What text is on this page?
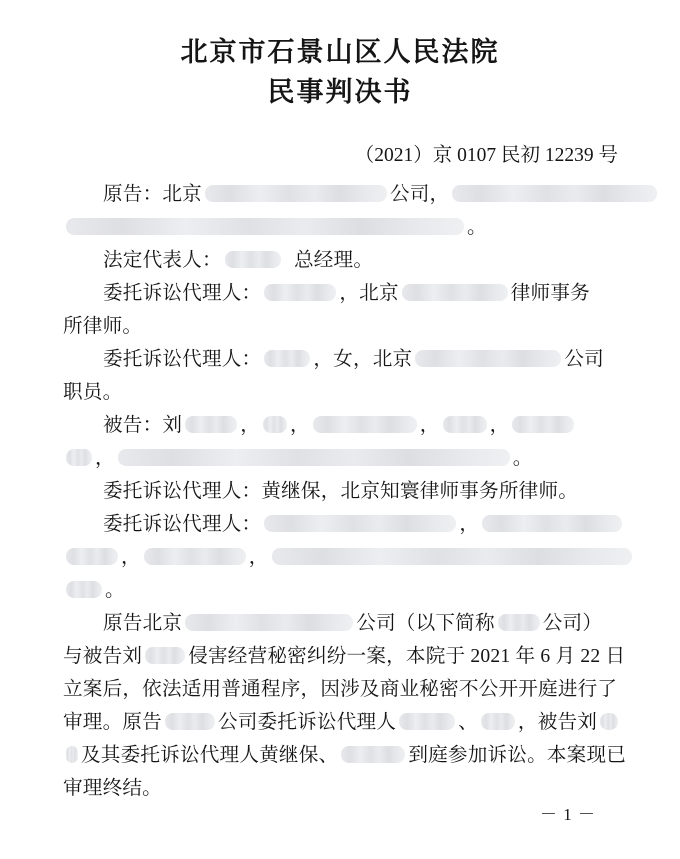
北京市石景山区人民法院
民事判决书
（2021）京 0107 民初 12239 号
原告：北京	公司，
。
法定代表人：	总经理。
委托诉讼代理人：	，北京	律师事务
所律师。
委托诉讼代理人：	，女，北京	公司
职员。
被告：刘	， ，	，	，
，	。
委托诉讼代理人：黄继保，北京知寰律师事务所律师。
委托诉讼代理人：	，
，	，
。
原告北京	公司（以下简称 公司）
与被告刘 侵害经营秘密纠纷一案，本院于 2021 年 6 月 22 日
立案后，依法适用普通程序，因涉及商业秘密不公开开庭进行了
审理。原告	公司委托诉讼代理人	、 ，被告刘
及其委托诉讼代理人黄继保、	到庭参加诉讼。本案现已
审理终结。
－ 1 －
